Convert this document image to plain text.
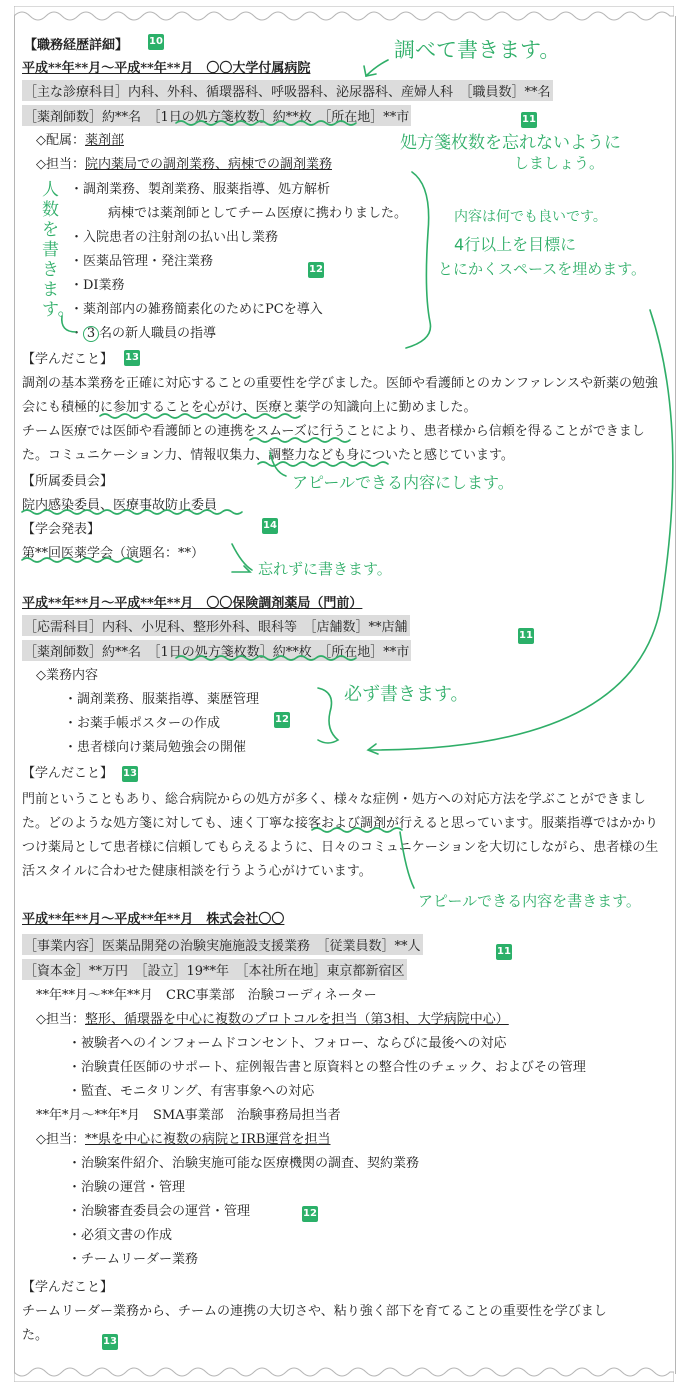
【職務経歴詳細】 10
平成**年**月～平成**年**月　〇〇大学付属病院
［主な診療科目］内科、外科、循環器科、呼吸器科、泌尿器科、産婦人科　［職員数］**名
［薬剤師数］約**名　［1日の処方箋枚数］約**枚　［所在地］**市	11
◇配属：薬剤部
◇担当：院内薬局での調剤業務、病棟での調剤業務
・調剤業務、製剤業務、服薬指導、処方解析
病棟では薬剤師としてチーム医療に携わりました。
・入院患者の注射剤の払い出し業務
・医薬品管理・発注業務
・DI業務
・薬剤部内の雑務簡素化のためにPCを導入
・ 3 名の新人職員の指導
12
【学んだこと】 13
調剤の基本業務を正確に対応することの重要性を学びました。医師や看護師とのカンファレンスや新薬の勉強会にも積極的に参加することを心がけ、医療と薬学の知識向上に勤めました。
チーム医療では医師や看護師との連携をスムーズに行うことにより、患者様から信頼を得ることができました。コミュニケーション力、情報収集力、調整力なども身についたと感じています。
【所属委員会】
院内感染委員、医療事故防止委員
【学会発表】	14
第**回医薬学会（演題名：**）
平成**年**月～平成**年**月　〇〇保険調剤薬局（門前）
［応需科目］内科、小児科、整形外科、眼科等　［店舗数］**店舗
［薬剤師数］約**名　［1日の処方箋枚数］約**枚　［所在地］**市
11
◇業務内容
・調剤業務、服薬指導、薬歴管理
・お薬手帳ポスターの作成
・患者様向け薬局勉強会の開催
12
【学んだこと】 13
門前ということもあり、総合病院からの処方が多く、様々な症例・処方への対応方法を学ぶことができました。どのような処方箋に対しても、速く丁寧な接客および調剤が行えると思っています。服薬指導ではかかりつけ薬局として患者様に信頼してもらえるように、日々のコミュニケーションを大切にしながら、患者様の生活スタイルに合わせた健康相談を行うよう心がけています。
平成**年**月～平成**年**月　株式会社〇〇
［事業内容］医薬品開発の治験実施施設支援業務　［従業員数］**人
［資本金］**万円　［設立］19**年　［本社所在地］東京都新宿区
11
**年**月～**年**月　CRC事業部　治験コーディネーター
◇担当：整形、循環器を中心に複数のプロトコルを担当（第3相、大学病院中心）
・被験者へのインフォームドコンセント、フォロー、ならびに最後への対応
・治験責任医師のサポート、症例報告書と原資料との整合性のチェック、およびその管理
・監査、モニタリング、有害事象への対応
**年*月～**年*月　SMA事業部　治験事務局担当者
◇担当：**県を中心に複数の病院とIRB運営を担当
・治験案件紹介、治験実施可能な医療機関の調査、契約業務
・治験の運営・管理
・治験審査委員会の運営・管理
・必須文書の作成
・チームリーダー業務
12
【学んだこと】
チームリーダー業務から、チームの連携の大切さや、粘り強く部下を育てることの重要性を学びました。	13
調べて書きます。
処方箋枚数を忘れないように
しましょう。
内容は何でも良いです。
4行以上を目標に
とにかくスペースを埋めます。
人数を書きます。
アピールできる内容にします。
忘れずに書きます。
必ず書きます。
アピールできる内容を書きます。
